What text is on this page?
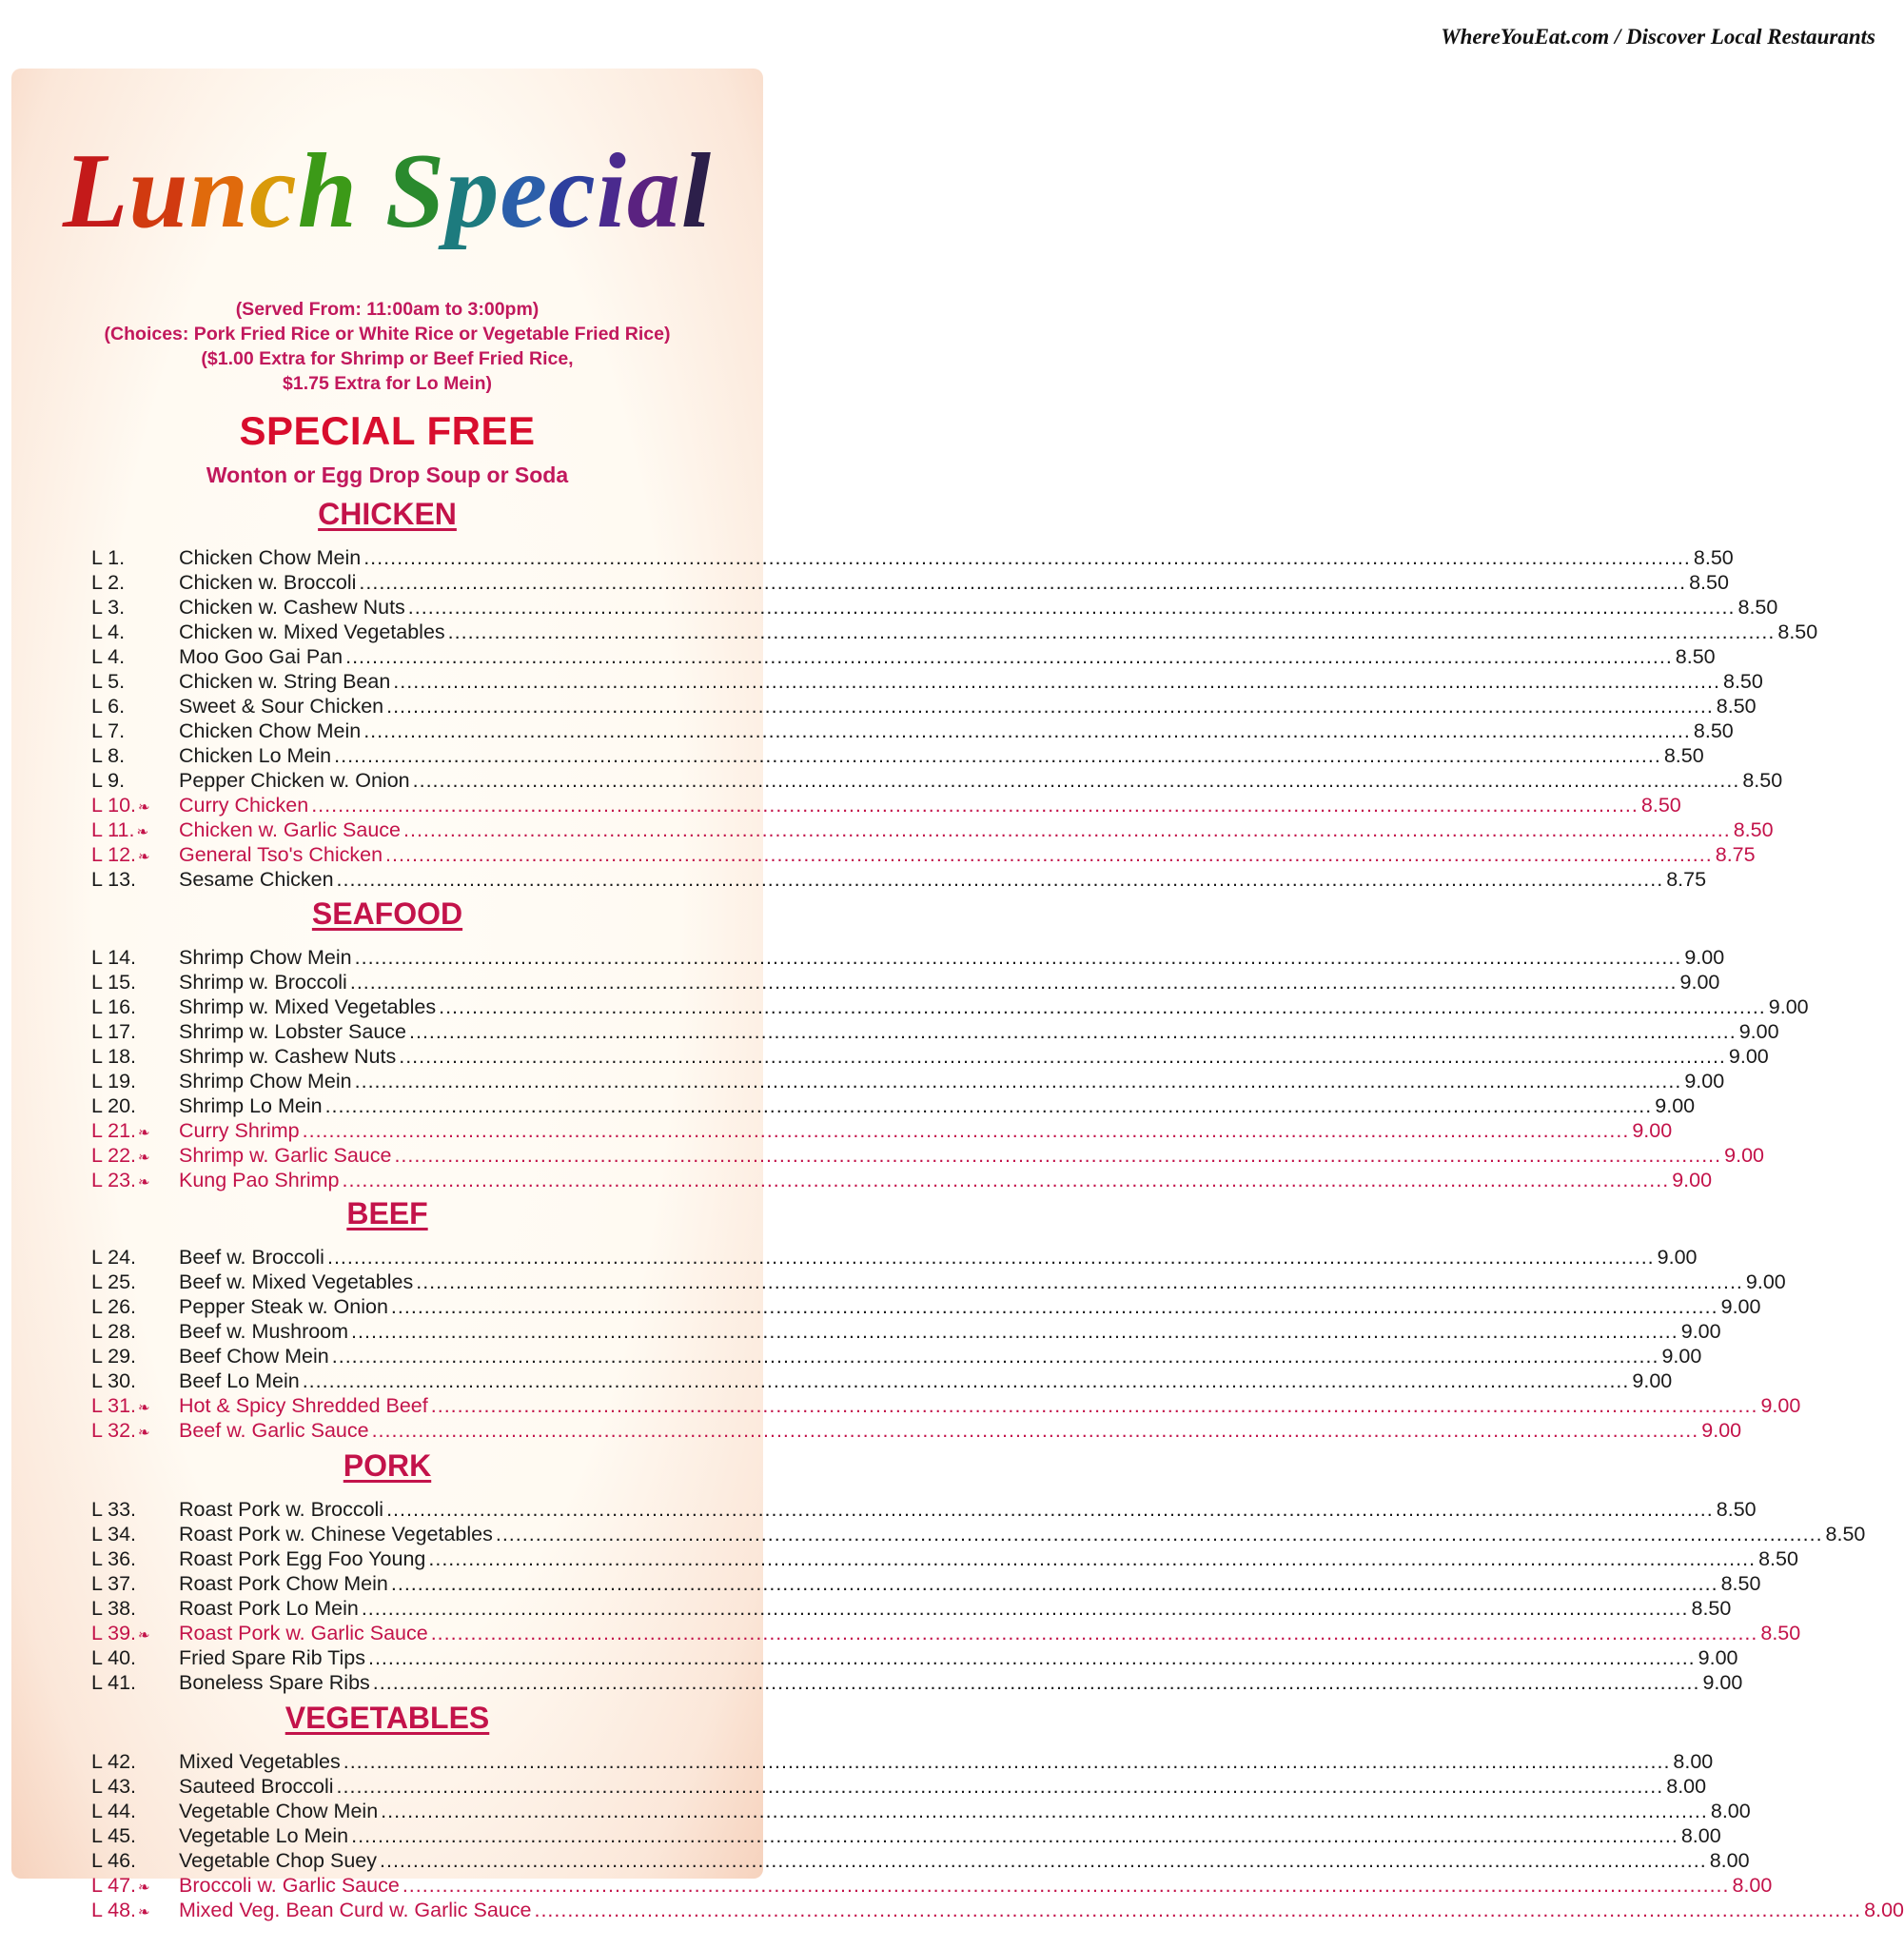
WhereYouEat.com / Discover Local Restaurants
Lunch Special
(Served From: 11:00am to 3:00pm)
(Choices: Pork Fried Rice or White Rice or Vegetable Fried Rice)
($1.00 Extra for Shrimp or Beef Fried Rice,
$1.75 Extra for Lo Mein)
SPECIAL FREE
Wonton or Egg Drop Soup or Soda
CHICKEN
L 1.	Chicken Chow Mein ........................................................................................................................................................................................................ 8.50
L 2.	Chicken w. Broccoli ........................................................................................................................................................................................................ 8.50
L 3.	Chicken w. Cashew Nuts ........................................................................................................................................................................................................ 8.50
L 4.	Chicken w. Mixed Vegetables ........................................................................................................................................................................................................ 8.50
L 4.	Moo Goo Gai Pan ........................................................................................................................................................................................................ 8.50
L 5.	Chicken w. String Bean ........................................................................................................................................................................................................ 8.50
L 6.	Sweet & Sour Chicken ........................................................................................................................................................................................................ 8.50
L 7.	Chicken Chow Mein ........................................................................................................................................................................................................ 8.50
L 8.	Chicken Lo Mein ........................................................................................................................................................................................................ 8.50
L 9.	Pepper Chicken w. Onion ........................................................................................................................................................................................................ 8.50
L 10. ❧	Curry Chicken ........................................................................................................................................................................................................ 8.50
L 11. ❧	Chicken w. Garlic Sauce ........................................................................................................................................................................................................ 8.50
L 12. ❧	General Tso's Chicken ........................................................................................................................................................................................................ 8.75
L 13.	Sesame Chicken ........................................................................................................................................................................................................ 8.75
SEAFOOD
L 14.	Shrimp Chow Mein ........................................................................................................................................................................................................ 9.00
L 15.	Shrimp w. Broccoli ........................................................................................................................................................................................................ 9.00
L 16.	Shrimp w. Mixed Vegetables ........................................................................................................................................................................................................ 9.00
L 17.	Shrimp w. Lobster Sauce ........................................................................................................................................................................................................ 9.00
L 18.	Shrimp w. Cashew Nuts ........................................................................................................................................................................................................ 9.00
L 19.	Shrimp Chow Mein ........................................................................................................................................................................................................ 9.00
L 20.	Shrimp Lo Mein ........................................................................................................................................................................................................ 9.00
L 21. ❧	Curry Shrimp ........................................................................................................................................................................................................ 9.00
L 22. ❧	Shrimp w. Garlic Sauce ........................................................................................................................................................................................................ 9.00
L 23. ❧	Kung Pao Shrimp ........................................................................................................................................................................................................ 9.00
BEEF
L 24.	Beef w. Broccoli ........................................................................................................................................................................................................ 9.00
L 25.	Beef w. Mixed Vegetables ........................................................................................................................................................................................................ 9.00
L 26.	Pepper Steak w. Onion ........................................................................................................................................................................................................ 9.00
L 28.	Beef w. Mushroom ........................................................................................................................................................................................................ 9.00
L 29.	Beef Chow Mein ........................................................................................................................................................................................................ 9.00
L 30.	Beef Lo Mein ........................................................................................................................................................................................................ 9.00
L 31. ❧	Hot & Spicy Shredded Beef ........................................................................................................................................................................................................ 9.00
L 32. ❧	Beef w. Garlic Sauce ........................................................................................................................................................................................................ 9.00
PORK
L 33.	Roast Pork w. Broccoli ........................................................................................................................................................................................................ 8.50
L 34.	Roast Pork w. Chinese Vegetables ........................................................................................................................................................................................................ 8.50
L 36.	Roast Pork Egg Foo Young ........................................................................................................................................................................................................ 8.50
L 37.	Roast Pork Chow Mein ........................................................................................................................................................................................................ 8.50
L 38.	Roast Pork Lo Mein ........................................................................................................................................................................................................ 8.50
L 39. ❧	Roast Pork w. Garlic Sauce ........................................................................................................................................................................................................ 8.50
L 40.	Fried Spare Rib Tips ........................................................................................................................................................................................................ 9.00
L 41.	Boneless Spare Ribs ........................................................................................................................................................................................................ 9.00
VEGETABLES
L 42.	Mixed Vegetables ........................................................................................................................................................................................................ 8.00
L 43.	Sauteed Broccoli ........................................................................................................................................................................................................ 8.00
L 44.	Vegetable Chow Mein ........................................................................................................................................................................................................ 8.00
L 45.	Vegetable Lo Mein ........................................................................................................................................................................................................ 8.00
L 46.	Vegetable Chop Suey ........................................................................................................................................................................................................ 8.00
L 47. ❧	Broccoli w. Garlic Sauce ........................................................................................................................................................................................................ 8.00
L 48. ❧	Mixed Veg. Bean Curd w. Garlic Sauce ........................................................................................................................................................................................................ 8.00
